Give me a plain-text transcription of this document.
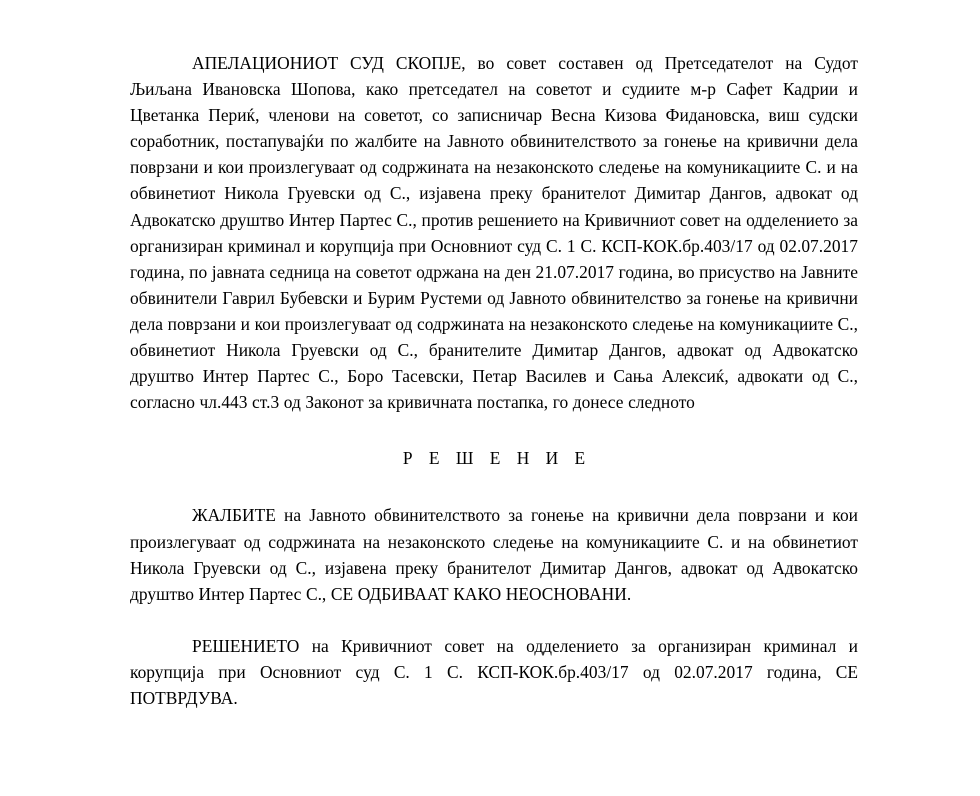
АПЕЛАЦИОНИОТ СУД СКОПЈЕ, во совет составен од Претседателот на Судот Љиљана Ивановска Шопова, како претседател на советот и судиите м-р Сафет Кадрии и Цветанка Периќ, членови на советот, со записничар Весна Кизова Фидановска, виш судски соработник, постапувајќи по жалбите на Јавното обвинителството за гонење на кривични дела поврзани и кои произлегуваат од содржината на незаконското следење на комуникациите С. и на обвинетиот Никола Груевски од С., изјавена преку бранителот Димитар Дангов, адвокат од Адвокатско друштво Интер Партес С., против решението на Кривичниот совет на одделението за организиран криминал и корупција при Основниот суд С. 1 С. КСП-КОК.бр.403/17 од 02.07.2017 година, по јавната седница на советот одржана на ден 21.07.2017 година, во присуство на Јавните обвинители Гаврил Бубевски и Бурим Рустеми од Јавното обвинителство за гонење на кривични дела поврзани и кои произлегуваат од содржината на незаконското следење на комуникациите С., обвинетиот Никола Груевски од С., бранителите Димитар Дангов, адвокат од Адвокатско друштво Интер Партес С., Боро Тасевски, Петар Василев и Сања Алексиќ, адвокати од С., согласно чл.443 ст.3 од Законот за кривичната постапка, го донесе следното

Р Е Ш Е Н И Е

ЖАЛБИТЕ на Јавното обвинителството за гонење на кривични дела поврзани и кои произлегуваат од содржината на незаконското следење на комуникациите С. и на обвинетиот Никола Груевски од С., изјавена преку бранителот Димитар Дангов, адвокат од Адвокатско друштво Интер Партес С., СЕ ОДБИВААТ КАКО НЕОСНОВАНИ.

РЕШЕНИЕТО на Кривичниот совет на одделението за организиран криминал и корупција при Основниот суд С. 1 С. КСП-КОК.бр.403/17 од 02.07.2017 година, СЕ ПОТВРДУВА.
